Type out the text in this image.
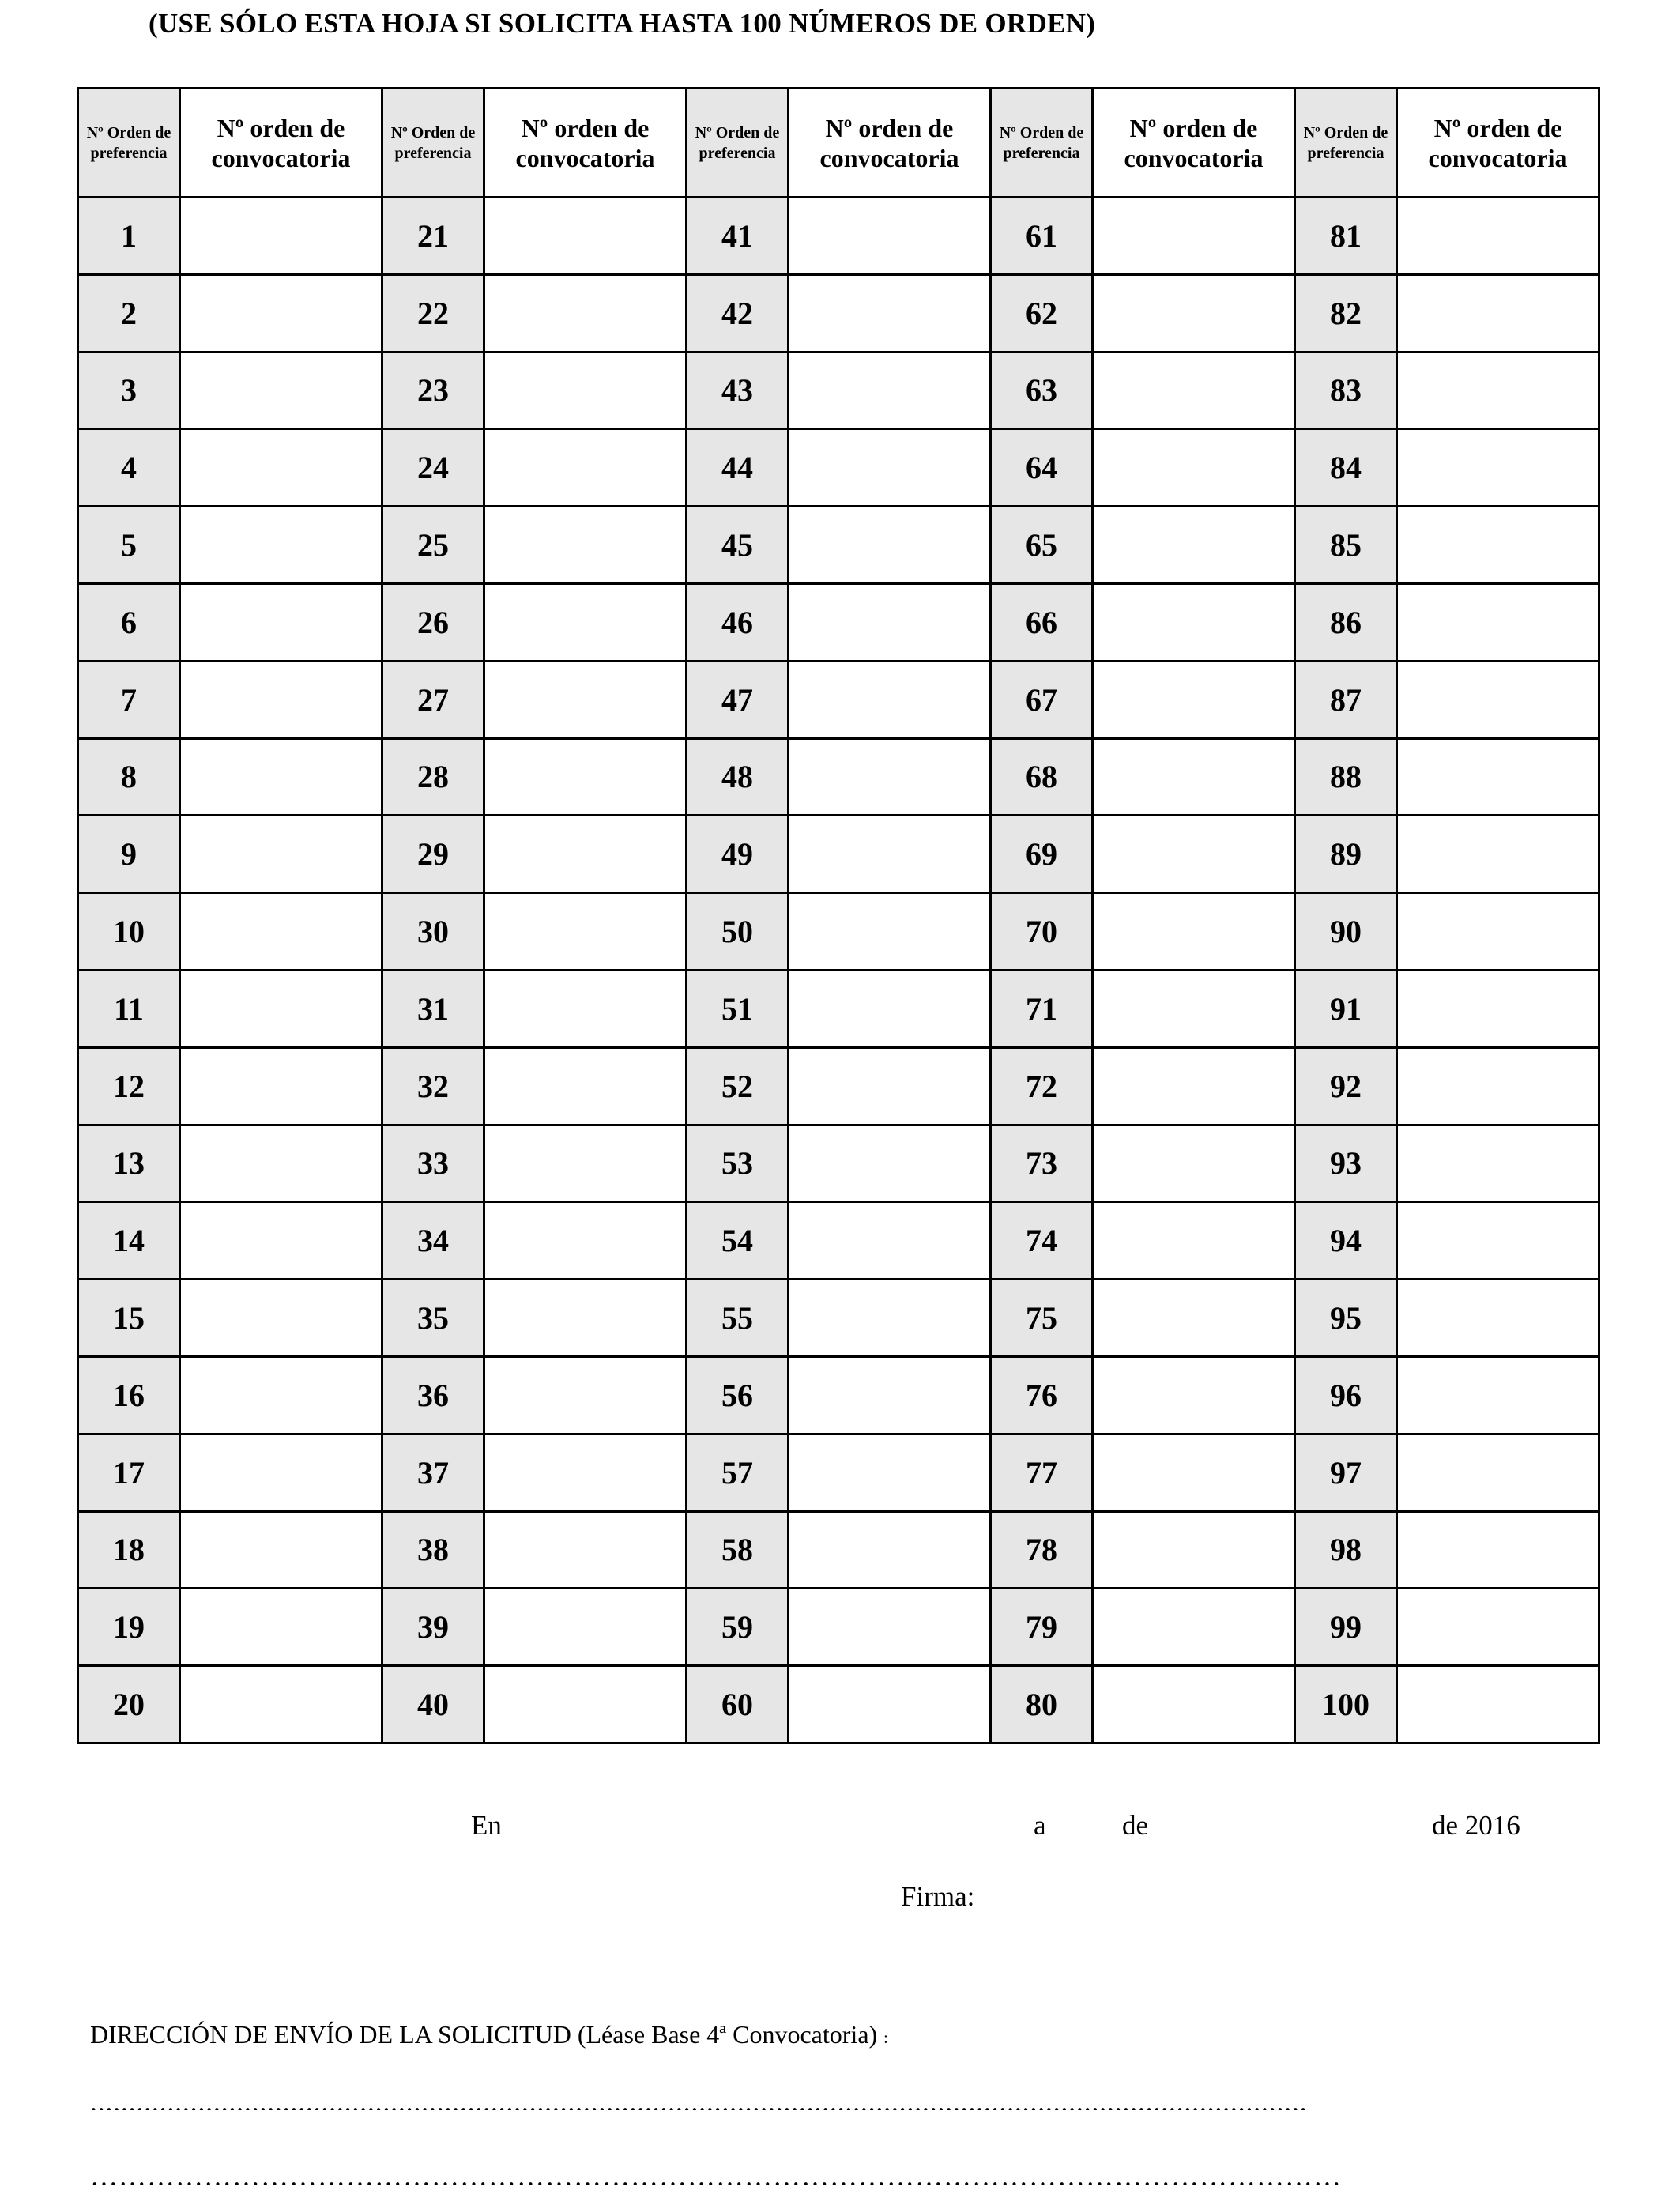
(USE SÓLO ESTA HOJA SI SOLICITA HASTA 100 NÚMEROS DE ORDEN)
Nº Orden de preferencia	Nº orden de convocatoria	Nº Orden de preferencia	Nº orden de convocatoria	Nº Orden de preferencia	Nº orden de convocatoria	Nº Orden de preferencia	Nº orden de convocatoria	Nº Orden de preferencia	Nº orden de convocatoria
1		21		41		61		81	
2		22		42		62		82	
3		23		43		63		83	
4		24		44		64		84	
5		25		45		65		85	
6		26		46		66		86	
7		27		47		67		87	
8		28		48		68		88	
9		29		49		69		89	
10		30		50		70		90	
11		31		51		71		91	
12		32		52		72		92	
13		33		53		73		93	
14		34		54		74		94	
15		35		55		75		95	
16		36		56		76		96	
17		37		57		77		97	
18		38		58		78		98	
19		39		59		79		99	
20		40		60		80		100	
En	a	de	de 2016
Firma:
DIRECCIÓN DE ENVÍO DE LA SOLICITUD (Léase Base 4ª Convocatoria) :
..............................................................................................................................................................
……………………………………………………………………………………………………………………
